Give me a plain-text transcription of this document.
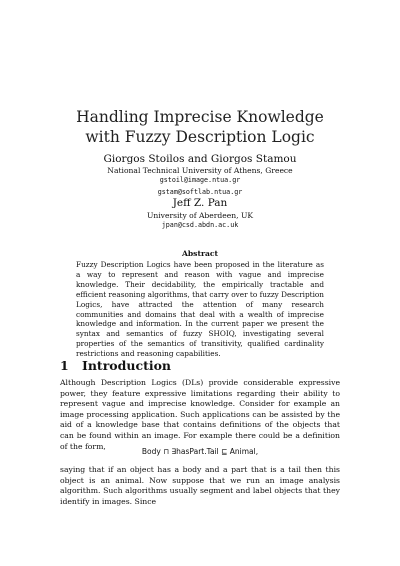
Handling Imprecise Knowledge with Fuzzy Description Logic
Giorgos Stoilos and Giorgos Stamou
National Technical University of Athens, Greece
gstoil@image.ntua.gr
gstam@softlab.ntua.gr
Jeff Z. Pan
University of Aberdeen, UK
jpan@csd.abdn.ac.uk
Abstract
Fuzzy Description Logics have been proposed in the literature as a way to represent and reason with vague and imprecise knowledge. Their decidability, the empirically tractable and efficient reasoning algorithms, that carry over to fuzzy Description Logics, have attracted the attention of many research communities and domains that deal with a wealth of imprecise knowledge and information. In the current paper we present the syntax and semantics of fuzzy SHOIQ, investigating several properties of the semantics of transitivity, qualified cardinality restrictions and reasoning capabilities.
1 Introduction
Although Description Logics (DLs) provide considerable expressive power, they feature expressive limitations regarding their ability to represent vague and imprecise knowledge. Consider for example an image processing application. Such applications can be assisted by the aid of a knowledge base that contains definitions of the objects that can be found within an image. For example there could be a definition of the form,
Body ⊓ ∃hasPart.Tail ⊑ Animal,
saying that if an object has a body and a part that is a tail then this object is an animal. Now suppose that we run an image analysis algorithm. Such algorithms usually segment and label objects that they identify in images. Since
